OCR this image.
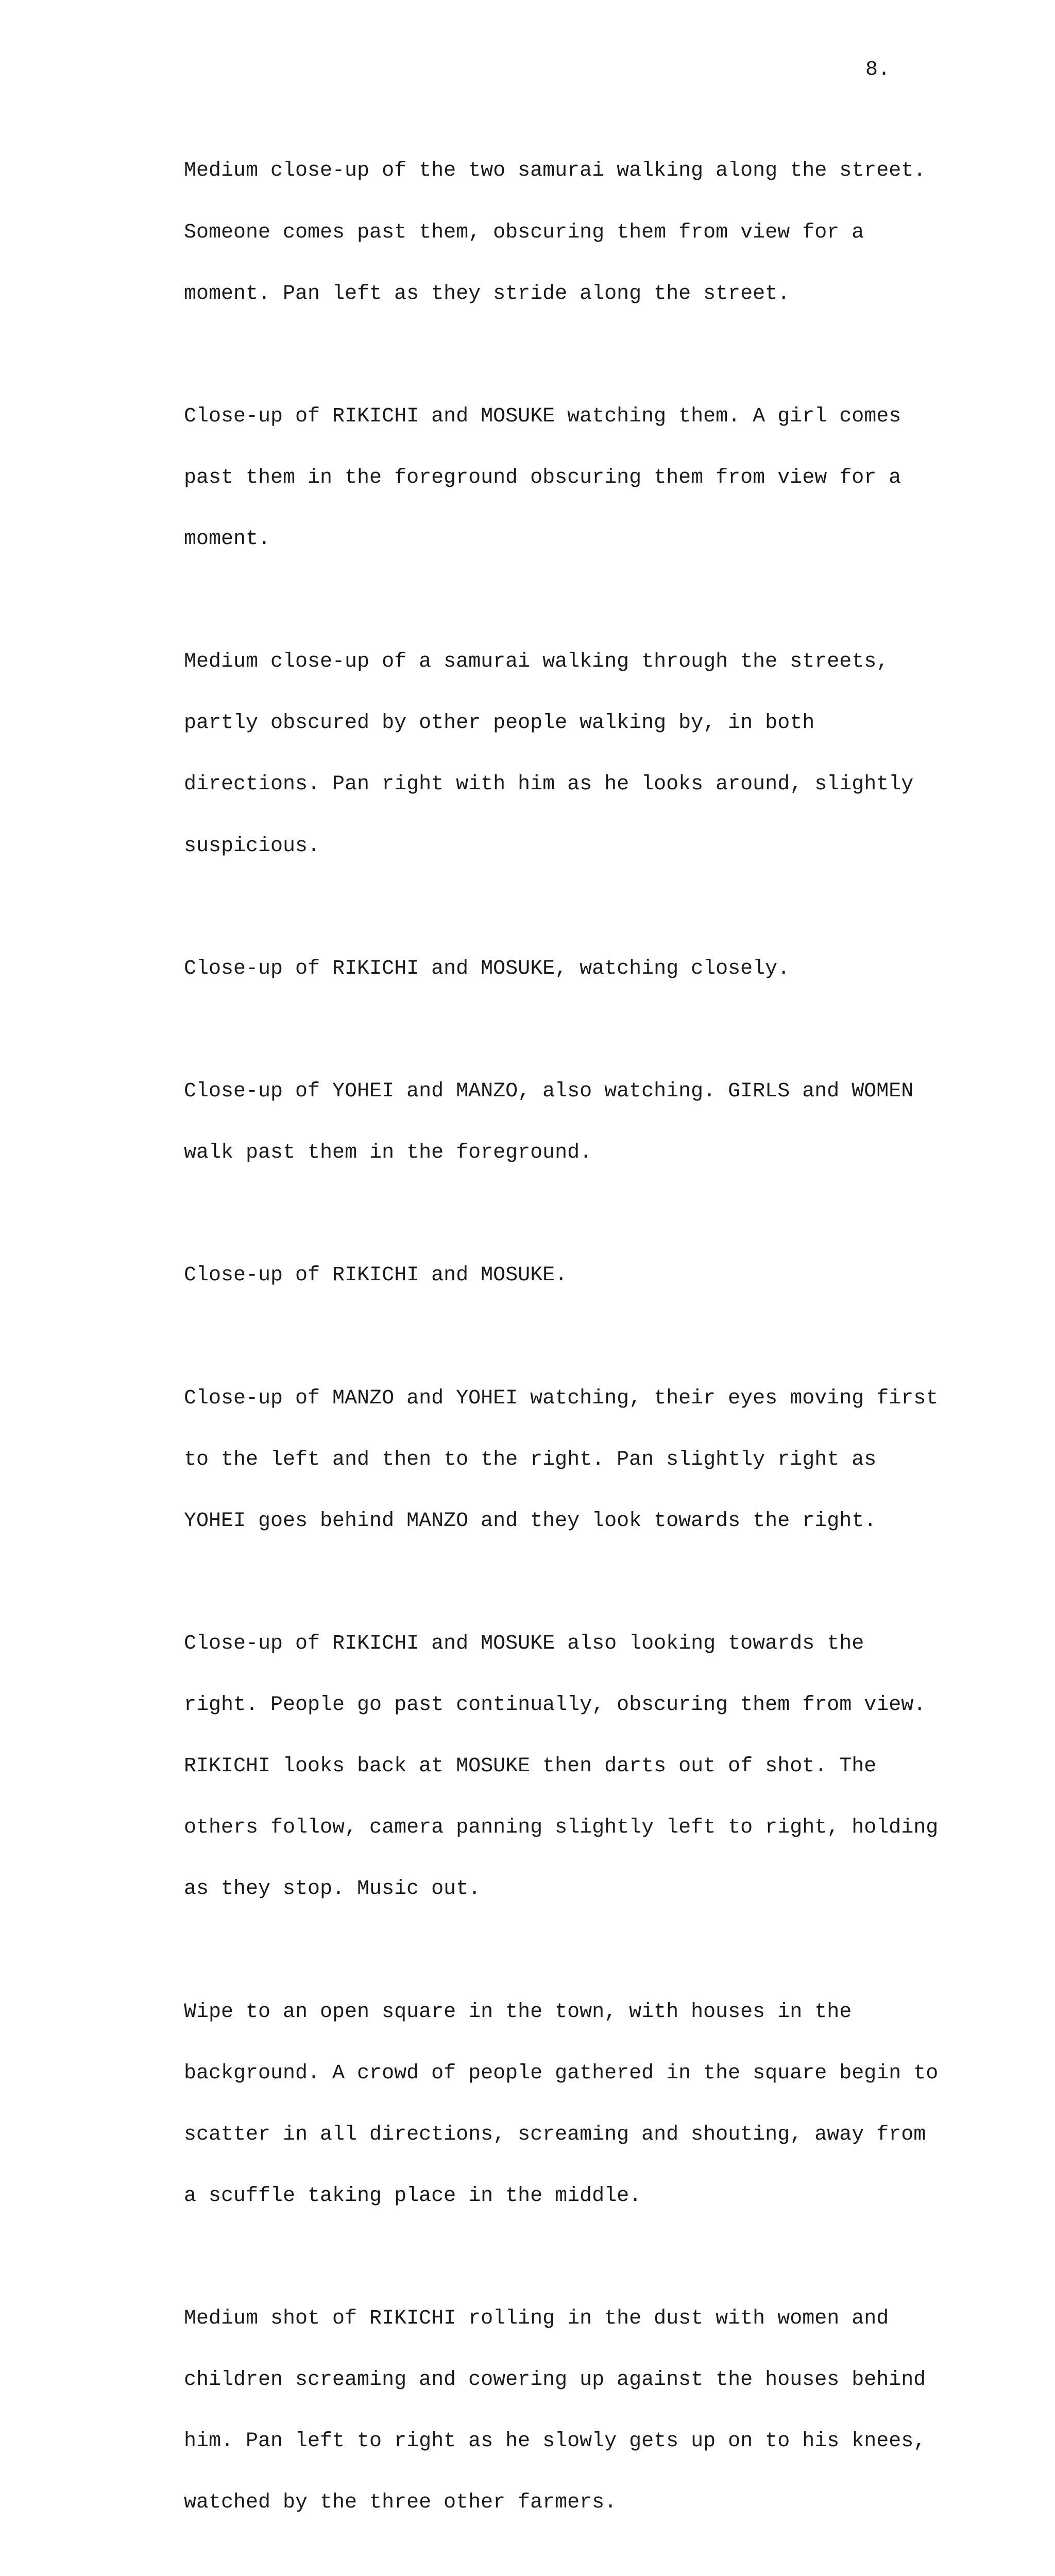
8.

Medium close-up of the two samurai walking along the street.

Someone comes past them, obscuring them from view for a

moment. Pan left as they stride along the street.

Close-up of RIKICHI and MOSUKE watching them. A girl comes

past them in the foreground obscuring them from view for a

moment.

Medium close-up of a samurai walking through the streets,

partly obscured by other people walking by, in both

directions. Pan right with him as he looks around, slightly

suspicious.

Close-up of RIKICHI and MOSUKE, watching closely.

Close-up of YOHEI and MANZO, also watching. GIRLS and WOMEN

walk past them in the foreground.

Close-up of RIKICHI and MOSUKE.

Close-up of MANZO and YOHEI watching, their eyes moving first

to the left and then to the right. Pan slightly right as

YOHEI goes behind MANZO and they look towards the right.

Close-up of RIKICHI and MOSUKE also looking towards the

right. People go past continually, obscuring them from view.

RIKICHI looks back at MOSUKE then darts out of shot. The

others follow, camera panning slightly left to right, holding

as they stop. Music out.

Wipe to an open square in the town, with houses in the

background. A crowd of people gathered in the square begin to

scatter in all directions, screaming and shouting, away from

a scuffle taking place in the middle.

Medium shot of RIKICHI rolling in the dust with women and

children screaming and cowering up against the houses behind

him. Pan left to right as he slowly gets up on to his knees,

watched by the three other farmers.
